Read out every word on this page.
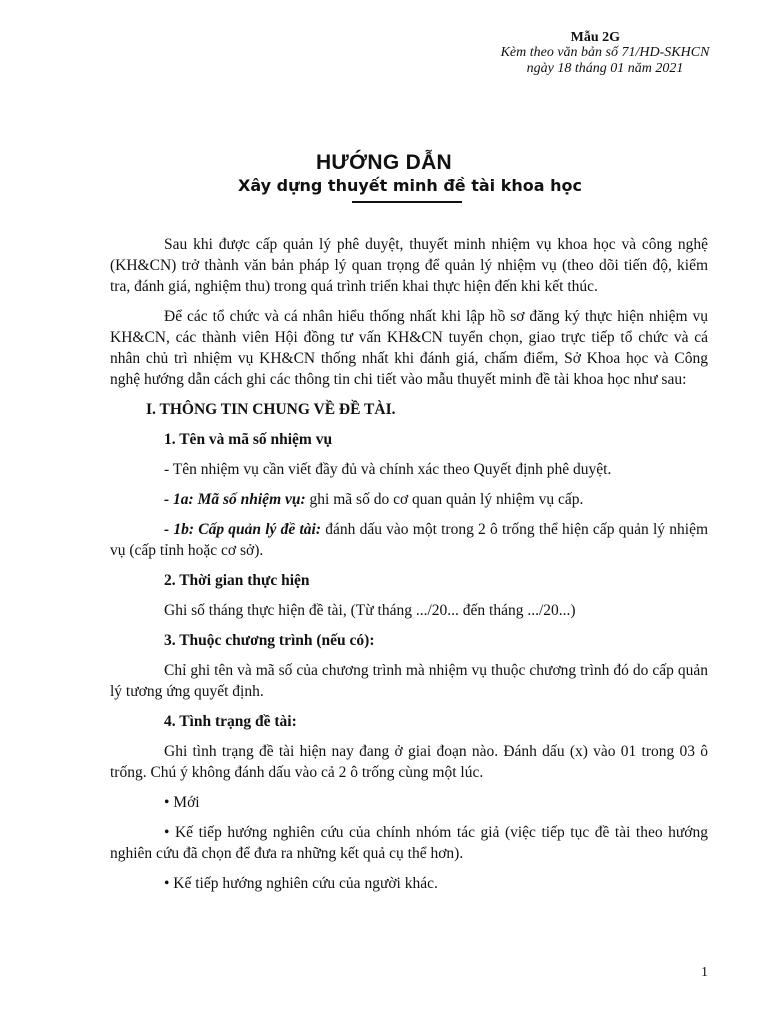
Mẫu 2G
Kèm theo văn bản số 71/HD-SKHCN
ngày 18 tháng 01 năm 2021
HƯỚNG DẪN
Xây dựng thuyết minh đề tài khoa học

Sau khi được cấp quản lý phê duyệt, thuyết minh nhiệm vụ khoa học và công nghệ (KH&CN) trở thành văn bản pháp lý quan trọng để quản lý nhiệm vụ (theo dõi tiến độ, kiểm tra, đánh giá, nghiệm thu) trong quá trình triển khai thực hiện đến khi kết thúc.

Để các tổ chức và cá nhân hiểu thống nhất khi lập hồ sơ đăng ký thực hiện nhiệm vụ KH&CN, các thành viên Hội đồng tư vấn KH&CN tuyển chọn, giao trực tiếp tổ chức và cá nhân chủ trì nhiệm vụ KH&CN thống nhất khi đánh giá, chấm điểm, Sở Khoa học và Công nghệ hướng dẫn cách ghi các thông tin chi tiết vào mẫu thuyết minh đề tài khoa học như sau:

I. THÔNG TIN CHUNG VỀ ĐỀ TÀI.

1. Tên và mã số nhiệm vụ

- Tên nhiệm vụ cần viết đầy đủ và chính xác theo Quyết định phê duyệt.

- 1a: Mã số nhiệm vụ: ghi mã số do cơ quan quản lý nhiệm vụ cấp.

- 1b: Cấp quản lý đề tài: đánh dấu vào một trong 2 ô trống thể hiện cấp quản lý nhiệm vụ (cấp tỉnh hoặc cơ sở).

2. Thời gian thực hiện

Ghi số tháng thực hiện đề tài, (Từ tháng .../20... đến tháng .../20...)

3. Thuộc chương trình (nếu có):

Chỉ ghi tên và mã số của chương trình mà nhiệm vụ thuộc chương trình đó do cấp quản lý tương ứng quyết định.

4. Tình trạng đề tài:

Ghi tình trạng đề tài hiện nay đang ở giai đoạn nào. Đánh dấu (x) vào 01 trong 03 ô trống. Chú ý không đánh dấu vào cả 2 ô trống cùng một lúc.

• Mới

• Kế tiếp hướng nghiên cứu của chính nhóm tác giả (việc tiếp tục đề tài theo hướng nghiên cứu đã chọn để đưa ra những kết quả cụ thể hơn).

• Kế tiếp hướng nghiên cứu của người khác.

1
